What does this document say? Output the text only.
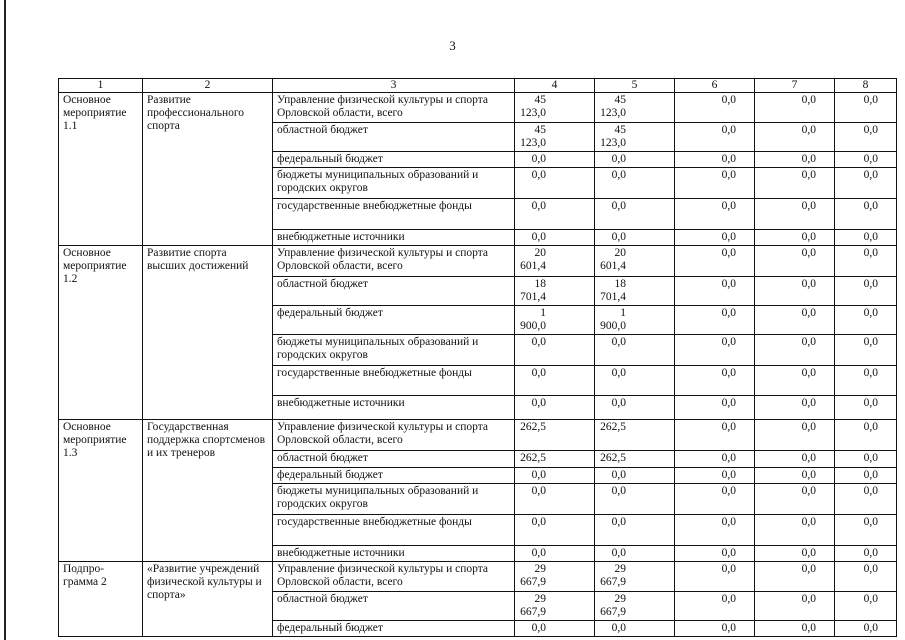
3
1	2	3	4	5	6	7	8
Основное мероприятие 1.1	Развитие профессионального спорта	Управление физической культуры и спорта Орловской области, всего	45 123,0	45 123,0	0,0	0,0	0,0
		областной бюджет	45 123,0	45 123,0	0,0	0,0	0,0
		федеральный бюджет	0,0	0,0	0,0	0,0	0,0
		бюджеты муниципальных образований и городских округов	0,0	0,0	0,0	0,0	0,0
		государственные внебюджетные фонды	0,0	0,0	0,0	0,0	0,0
		внебюджетные источники	0,0	0,0	0,0	0,0	0,0
Основное мероприятие 1.2	Развитие спорта высших достижений	Управление физической культуры и спорта Орловской области, всего	20 601,4	20 601,4	0,0	0,0	0,0
		областной бюджет	18 701,4	18 701,4	0,0	0,0	0,0
		федеральный бюджет	1 900,0	1 900,0	0,0	0,0	0,0
		бюджеты муниципальных образований и городских округов	0,0	0,0	0,0	0,0	0,0
		государственные внебюджетные фонды	0,0	0,0	0,0	0,0	0,0
		внебюджетные источники	0,0	0,0	0,0	0,0	0,0
Основное мероприятие 1.3	Государственная поддержка спортсменов и их тренеров	Управление физической культуры и спорта Орловской области, всего	262,5	262,5	0,0	0,0	0,0
		областной бюджет	262,5	262,5	0,0	0,0	0,0
		федеральный бюджет	0,0	0,0	0,0	0,0	0,0
		бюджеты муниципальных образований и городских округов	0,0	0,0	0,0	0,0	0,0
		государственные внебюджетные фонды	0,0	0,0	0,0	0,0	0,0
		внебюджетные источники	0,0	0,0	0,0	0,0	0,0
Подпро-грамма 2	«Развитие учреждений физической культуры и спорта»	Управление физической культуры и спорта Орловской области, всего	29 667,9	29 667,9	0,0	0,0	0,0
		областной бюджет	29 667,9	29 667,9	0,0	0,0	0,0
		федеральный бюджет	0,0	0,0	0,0	0,0	0,0
